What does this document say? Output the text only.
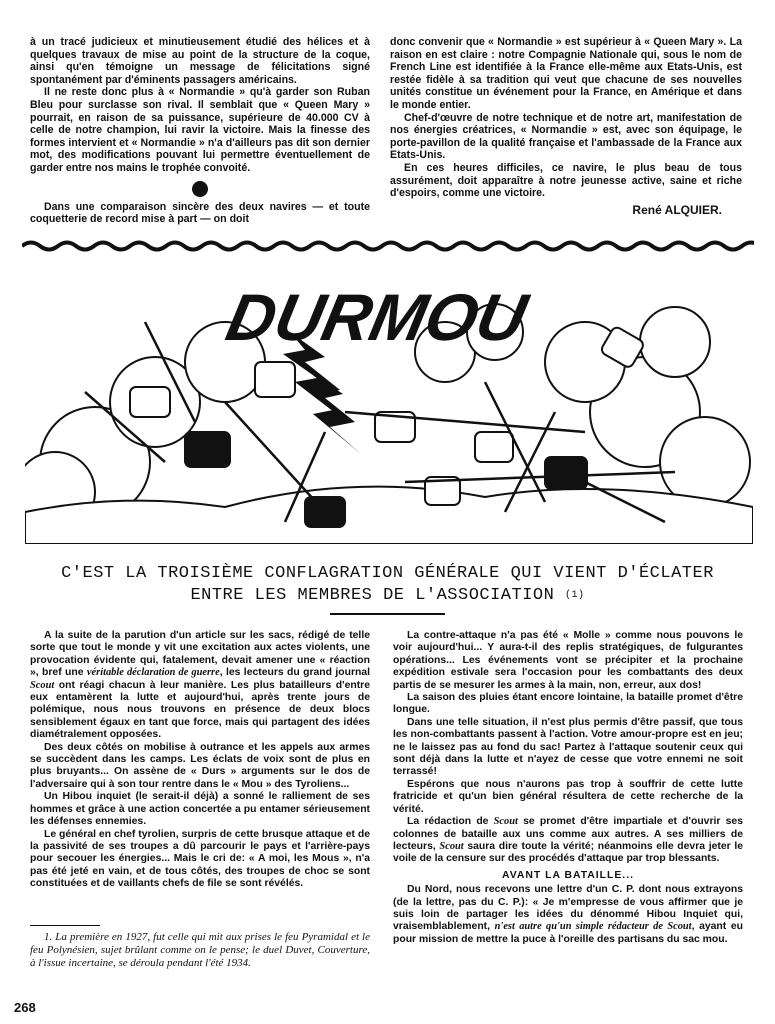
à un tracé judicieux et minutieusement étudié des hélices et à quelques travaux de mise au point de la structure de la coque, ainsi qu'en témoigne un message de félicitations signé spontanément par d'éminents passagers américains.

Il ne reste donc plus à « Normandie » qu'à garder son Ruban Bleu pour surclasse son rival. Il semblait que « Queen Mary » pourrait, en raison de sa puissance, supérieure de 40.000 CV à celle de notre champion, lui ravir la victoire. Mais la finesse des formes intervient et « Normandie » n'a d'ailleurs pas dit son dernier mot, des modifications pouvant lui permettre éventuellement de garder entre nos mains le trophée convoité.

Dans une comparaison sincère des deux navires — et toute coquetterie de record mise à part — on doit

donc convenir que « Normandie » est supérieur à « Queen Mary ». La raison en est claire : notre Compagnie Nationale qui, sous le nom de French Line est identifiée à la France elle-même aux Etats-Unis, est restée fidèle à sa tradition qui veut que chacune de ses nouvelles unités constitue un événement pour la France, en Amérique et dans le monde entier.

Chef-d'œuvre de notre technique et de notre art, manifestation de nos énergies créatrices, « Normandie » est, avec son équipage, le porte-pavillon de la qualité française et l'ambassade de la France aux Etats-Unis.

En ces heures difficiles, ce navire, le plus beau de tous assurément, doit apparaître à notre jeunesse active, saine et riche d'espoirs, comme une victoire.

René ALQUIER.
DURMOU
C'EST LA TROISIÈME CONFLAGRATION GÉNÉRALE QUI VIENT D'ÉCLATER
ENTRE LES MEMBRES DE L'ASSOCIATION $^{(1)}$

A la suite de la parution d'un article sur les sacs, rédigé de telle sorte que tout le monde y vit une excitation aux actes violents, une provocation évidente qui, fatalement, devait amener une « réaction », bref une véritable déclaration de guerre, les lecteurs du grand journal Scout ont réagi chacun à leur manière. Les plus batailleurs d'entre eux entamèrent la lutte et aujourd'hui, après trente jours de polémique, nous nous trouvons en présence de deux blocs sensiblement égaux en tant que force, mais qui partagent des idées diamétralement opposées.

Des deux côtés on mobilise à outrance et les appels aux armes se succèdent dans les camps. Les éclats de voix sont de plus en plus bruyants... On assène de « Durs » arguments sur le dos de l'adversaire qui à son tour rentre dans le « Mou » des Tyroliens...

Un Hibou inquiet (le serait-il déjà) a sonné le ralliement de ses hommes et grâce à une action concertée a pu entamer sérieusement les défenses ennemies.

Le général en chef tyrolien, surpris de cette brusque attaque et de la passivité de ses troupes a dû parcourir le pays et l'arrière-pays pour secouer les énergies... Mais le cri de: « A moi, les Mous », n'a pas été jeté en vain, et de tous côtés, des troupes de choc se sont constituées et de vaillants chefs de file se sont révélés.

La contre-attaque n'a pas été « Molle » comme nous pouvons le voir aujourd'hui... Y aura-t-il des replis stratégiques, de fulgurantes opérations... Les événements vont se précipiter et la prochaine expédition estivale sera l'occasion pour les combattants des deux partis de se mesurer les armes à la main, non, erreur, aux dos!

La saison des pluies étant encore lointaine, la bataille promet d'être longue.

Dans une telle situation, il n'est plus permis d'être passif, que tous les non-combattants passent à l'action. Votre amour-propre est en jeu; ne le laissez pas au fond du sac! Partez à l'attaque soutenir ceux qui sont déjà dans la lutte et n'ayez de cesse que votre ennemi ne soit terrassé!

Espérons que nous n'aurons pas trop à souffrir de cette lutte fratricide et qu'un bien général résultera de cette recherche de la vérité.

La rédaction de Scout se promet d'être impartiale et d'ouvrir ses colonnes de bataille aux uns comme aux autres. A ses milliers de lecteurs, Scout saura dire toute la vérité; néanmoins elle devra jeter le voile de la censure sur des procédés d'attaque par trop blessants.

AVANT LA BATAILLE...

Du Nord, nous recevons une lettre d'un C. P. dont nous extrayons (de la lettre, pas du C. P.): « Je m'empresse de vous affirmer que je suis loin de partager les idées du dénommé Hibou Inquiet qui, vraisemblablement, n'est autre qu'un simple rédacteur de Scout, ayant eu pour mission de mettre la puce à l'oreille des partisans du sac mou.

1. La première en 1927, fut celle qui mit aux prises le feu Pyramidal et le feu Polynésien, sujet brûlant comme on le pense; le duel Duvet, Couverture, à l'issue incertaine, se déroula pendant l'été 1934.

268
